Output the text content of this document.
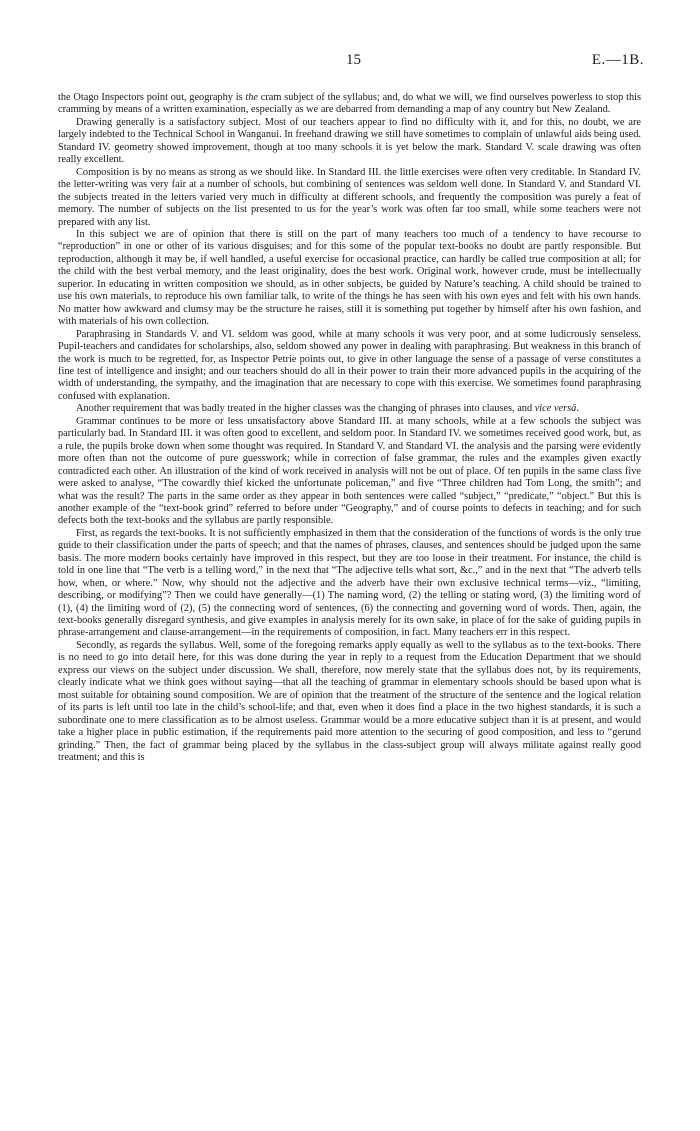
15	E.—1B.

the Otago Inspectors point out, geography is the cram subject of the syllabus; and, do what we will, we find ourselves powerless to stop this cramming by means of a written examination, especially as we are debarred from demanding a map of any country but New Zealand.

Drawing generally is a satisfactory subject. Most of our teachers appear to find no difficulty with it, and for this, no doubt, we are largely indebted to the Technical School in Wanganui. In freehand drawing we still have sometimes to complain of unlawful aids being used. Standard IV. geometry showed improvement, though at too many schools it is yet below the mark. Standard V. scale drawing was often really excellent.

Composition is by no means as strong as we should like. In Standard III. the little exercises were often very creditable. In Standard IV. the letter-writing was very fair at a number of schools, but combining of sentences was seldom well done. In Standard V. and Standard VI. the subjects treated in the letters varied very much in difficulty at different schools, and frequently the composition was purely a feat of memory. The number of subjects on the list presented to us for the year’s work was often far too small, while some teachers were not prepared with any list.

In this subject we are of opinion that there is still on the part of many teachers too much of a tendency to have recourse to “reproduction” in one or other of its various disguises; and for this some of the popular text-books no doubt are partly responsible. But reproduction, although it may be, if well handled, a useful exercise for occasional practice, can hardly be called true composition at all; for the child with the best verbal memory, and the least originality, does the best work. Original work, however crude, must be intellectually superior. In educating in written composition we should, as in other subjects, be guided by Nature’s teaching. A child should be trained to use his own materials, to reproduce his own familiar talk, to write of the things he has seen with his own eyes and felt with his own hands. No matter how awkward and clumsy may be the structure he raises, still it is something put together by himself after his own fashion, and with materials of his own collection.

Paraphrasing in Standards V. and VI. seldom was good, while at many schools it was very poor, and at some ludicrously senseless. Pupil-teachers and candidates for scholarships, also, seldom showed any power in dealing with paraphrasing. But weakness in this branch of the work is much to be regretted, for, as Inspector Petrie points out, to give in other language the sense of a passage of verse constitutes a fine test of intelligence and insight; and our teachers should do all in their power to train their more advanced pupils in the acquiring of the width of understanding, the sympathy, and the imagination that are necessary to cope with this exercise. We sometimes found paraphrasing confused with explanation.

Another requirement that was badly treated in the higher classes was the changing of phrases into clauses, and vice versâ.

Grammar continues to be more or less unsatisfactory above Standard III. at many schools, while at a few schools the subject was particularly bad. In Standard III. it was often good to excellent, and seldom poor. In Standard IV. we sometimes received good work, but, as a rule, the pupils broke down when some thought was required. In Standard V. and Standard VI. the analysis and the parsing were evidently more often than not the outcome of pure guesswork; while in correction of false grammar, the rules and the examples given exactly contradicted each other. An illustration of the kind of work received in analysis will not be out of place. Of ten pupils in the same class five were asked to analyse, “The cowardly thief kicked the unfortunate policeman,” and five “Three children had Tom Long, the smith”; and what was the result? The parts in the same order as they appear in both sentences were called “subject,” “predicate,” “object.” But this is another example of the “text-book grind” referred to before under “Geography,” and of course points to defects in teaching; and for such defects both the text-books and the syllabus are partly responsible.

First, as regards the text-books. It is not sufficiently emphasized in them that the consideration of the functions of words is the only true guide to their classification under the parts of speech; and that the names of phrases, clauses, and sentences should be judged upon the same basis. The more modern books certainly have improved in this respect, but they are too loose in their treatment. For instance, the child is told in one line that “The verb is a telling word,” in the next that “The adjective tells what sort, &c.,” and in the next that “The adverb tells how, when, or where.” Now, why should not the adjective and the adverb have their own exclusive technical terms—viz., “limiting, describing, or modifying”? Then we could have generally—(1) The naming word, (2) the telling or stating word, (3) the limiting word of (1), (4) the limiting word of (2), (5) the connecting word of sentences, (6) the connecting and governing word of words. Then, again, the text-books generally disregard synthesis, and give examples in analysis merely for its own sake, in place of for the sake of guiding pupils in phrase-arrangement and clause-arrangement—in the requirements of composition, in fact. Many teachers err in this respect.

Secondly, as regards the syllabus. Well, some of the foregoing remarks apply equally as well to the syllabus as to the text-books. There is no need to go into detail here, for this was done during the year in reply to a request from the Education Department that we should express our views on the subject under discussion. We shall, therefore, now merely state that the syllabus does not, by its requirements, clearly indicate what we think goes without saying—that all the teaching of grammar in elementary schools should be based upon what is most suitable for obtaining sound composition. We are of opinion that the treatment of the structure of the sentence and the logical relation of its parts is left until too late in the child’s school-life; and that, even when it does find a place in the two highest standards, it is such a subordinate one to mere classification as to be almost useless. Grammar would be a more educative subject than it is at present, and would take a higher place in public estimation, if the requirements paid more attention to the securing of good composition, and less to “gerund grinding.” Then, the fact of grammar being placed by the syllabus in the class-subject group will always militate against really good treatment; and this is
